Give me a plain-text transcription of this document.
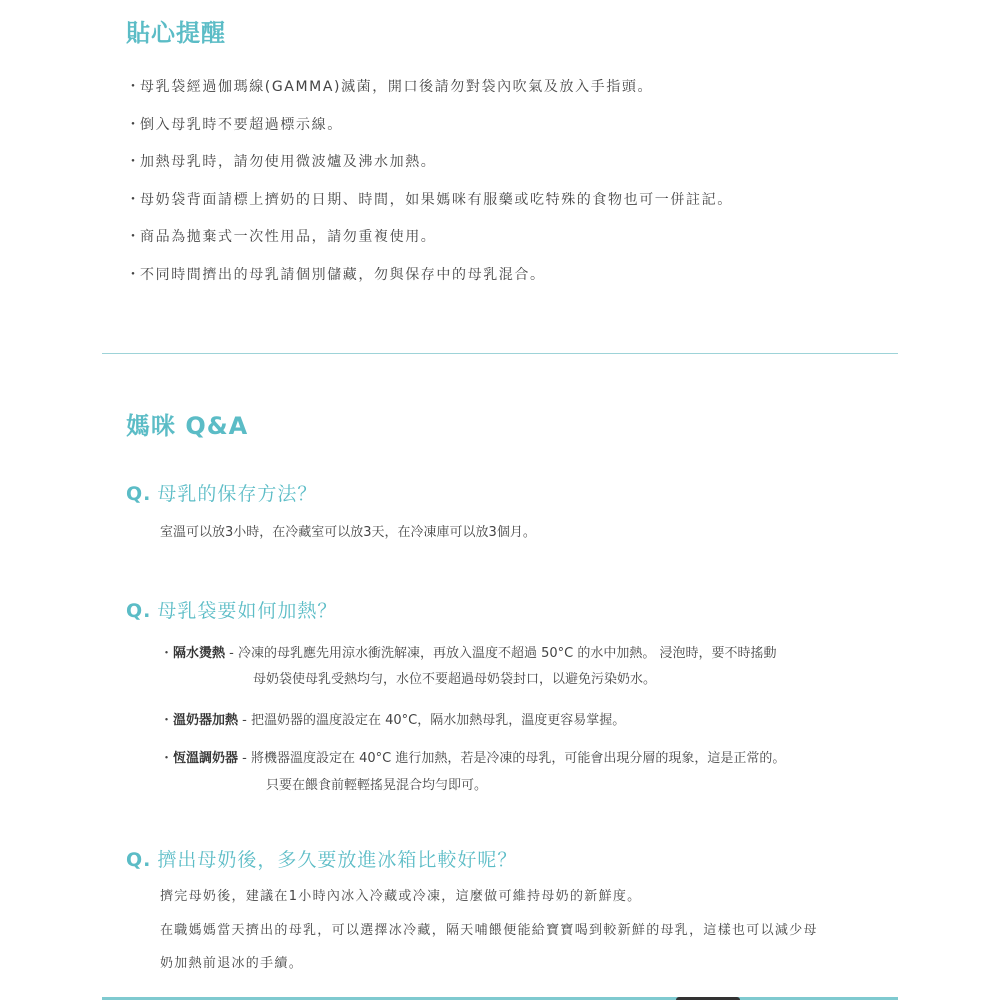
貼心提醒
・母乳袋經過伽瑪線(GAMMA)滅菌，開口後請勿對袋內吹氣及放入手指頭。
・倒入母乳時不要超過標示線。
・加熱母乳時，請勿使用微波爐及沸水加熱。
・母奶袋背面請標上擠奶的日期、時間，如果媽咪有服藥或吃特殊的食物也可一併註記。
・商品為拋棄式一次性用品，請勿重複使用。
・不同時間擠出的母乳請個別儲藏，勿與保存中的母乳混合。
媽咪 Q&A
Q. 母乳的保存方法？
室溫可以放3小時，在冷藏室可以放3天，在冷凍庫可以放3個月。
Q. 母乳袋要如何加熱？
・隔水燙熱 - 冷凍的母乳應先用涼水衝洗解凍，再放入溫度不超過 50°C 的水中加熱。 浸泡時，要不時搖動
母奶袋使母乳受熱均勻，水位不要超過母奶袋封口，以避免污染奶水。
・溫奶器加熱 - 把溫奶器的溫度設定在 40°C，隔水加熱母乳，溫度更容易掌握。
・恆溫調奶器 - 將機器溫度設定在 40°C 進行加熱，若是冷凍的母乳，可能會出現分層的現象，這是正常的。
只要在餵食前輕輕搖晃混合均勻即可。
Q. 擠出母奶後，多久要放進冰箱比較好呢？
擠完母奶後，建議在1小時內冰入冷藏或冷凍，這麼做可維持母奶的新鮮度。
在職媽媽當天擠出的母乳，可以選擇冰冷藏，隔天哺餵便能給寶寶喝到較新鮮的母乳，這樣也可以減少母
奶加熱前退冰的手續。
